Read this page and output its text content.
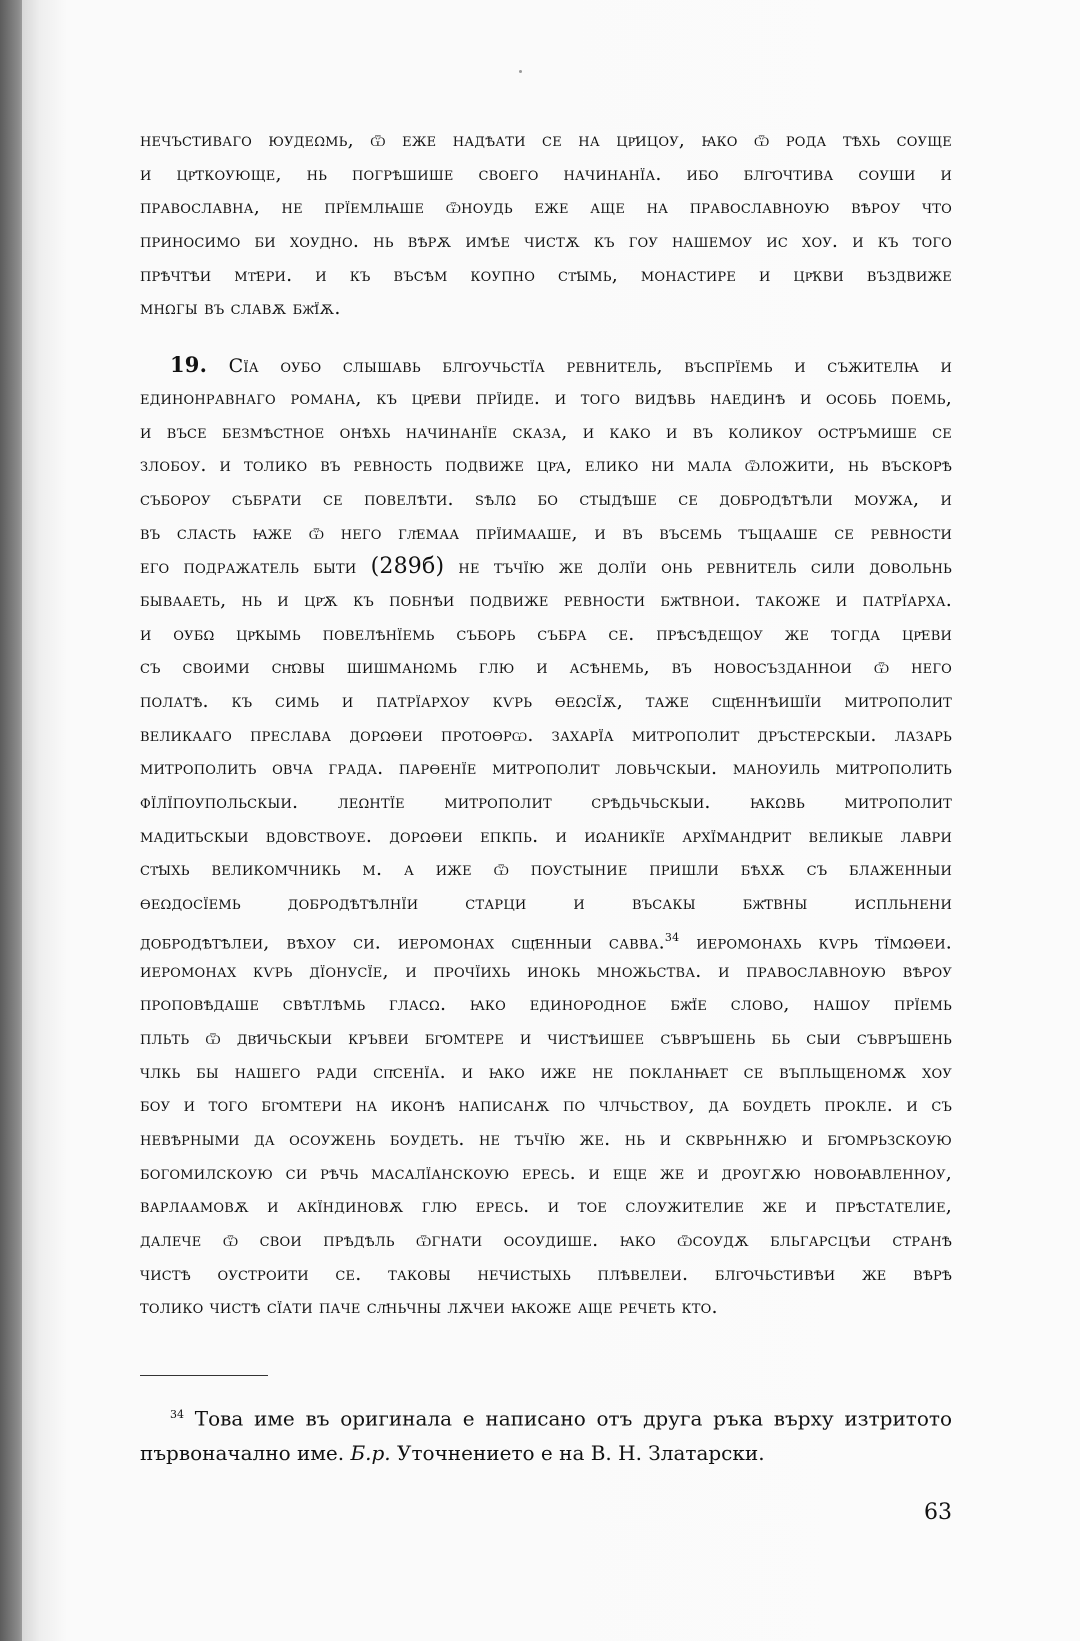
нечъстиваго юудеωмь, ѿ еже надѣати се на цр҃ицоу, ꙗко ѿ рода тѣхь соуще
и цр҃ткоующе, нь погрѣшише своего начинанїа. ибо блг҃очтива соуши и
православна, не прїемлꙗше ѿноудь еже аще на православноую вѣроу что
приносимо би хоудно. нь вѣрѫ имѣе чистѫ къ гоу нашемоу ис хоу. и къ того
прѣчтѣи мт҃ери. и къ въсѣм коупно ст҃ымь, монастире и цр҃кви въздвиже
мнωгы въ славѫ бж҃їѫ.
19. Сїа оубо слышавь блг҃оучьстїа ревнитель, въспрїемь и съжителꙗ и
единонравнаго романа, къ цр҃еви прїиде. и того видѣвь наединѣ и особь поемь,
и въсе безмѣстное онѣхь начинанїе сказа, и како и въ коликоу остръмише се
злобоу. и толико въ ревность подвиже цр҃а, елико ни мала ѿложити, нь въскорѣ
събороу събрати се повелѣти. ѕѣлω бо стыдѣше се добродѣтѣли моужа, и
въ сласть ꙗже ѿ него гл҃емаа прїимааше, и въ въсемь тъщааше се ревности
его подражатель быти (289б) не тъчїю же долїи онь ревнитель сили довольнь
бывааеть, нь и цр҃ѫ къ побнѣи подвиже ревности бж҃твнои. такоже и патрїарха.
и оубω цр҃кымь повелѣнїемь съборь събра се. прѣсѣдещоу же тогда цр҃еви
съ своими сн҃ωвы шишманωмь глю и асѣнемь, въ новосъзданнои ѿ него
полатѣ. къ симь и патрїархоу кѵрь ѳеωсїѫ, таже сщ҃еннѣишїи митрополит
великааго преслава дорωѳеи протоѳрѡ. захарїа митрополит дръстерскыи. лазарь
митрополить овча града. парѳенїе митрополит ловьчскыи. маноуиль митрополить
фїлїпоупольскыи. леωнтїе митрополит срѣдьчьскыи. ꙗкωвь митрополит
мадитьскыи вдовствоуе. дорωѳеи епкпь. и иωаникїе архїмандрит великые лаври
ст҃ыхь великомчникь м. а иже ѿ поустыние пришли бѣхѫ съ блаженныи
ѳеωдосїемь добродѣтѣлнїи старци и въсакы бж҃твны испльнени
добродѣтѣлеи, вѣхоу си. иеромонах сщ҃енныи савва.$^{34}$ иеромонахь кѵрь тїмωѳеи.
иеромонах кѵрь дїонусїе, и прочїихь инокь множьства. и православноую вѣроу
проповѣдаше свѣтлѣмь гласω. ꙗко единородное бж҃їе слово, нашоу прїемь
пльть ѿ дв҃ичьскыи кръвеи бг҃омтере и чистѣишее съвръшень бь сыи съвръшень
члкь бы нашего ради сп҃сенїа. и ꙗко иже не покланꙗет се въпльщеномѫ хоу
боу и того бг҃омтери на иконѣ написанѫ по члчьствоу, да боудеть прокле. и съ
невѣрными да осоужень боудеть. не тъчїю же. нь и скврьннѫю и бг҃омрьзскоую
богомилскоую си рѣчь масалїанскоую ересь. и еще же и дроугѫю новоꙗвленноу,
варлаамовѫ и акїндиновѫ глю ересь. и тое слоужителие же и прѣстателие,
далече ѿ свои прѣдѣль ѿгнати осоудише. ꙗко ѿсоудѫ бльгарсцѣи странѣ
чистѣ оустроити се. таковы нечистыхь плѣвелеи. блг҃очьстивѣи же вѣрѣ
толико чистѣ сїати паче сл҃ньчны лѫчеи ꙗкоже аще речеть кто.
$^{34}$ Това име въ оригинала е написано отъ друга ръка върху изтритото
първоначално име. Б.р. Уточнението е на В. Н. Златарски.
63
